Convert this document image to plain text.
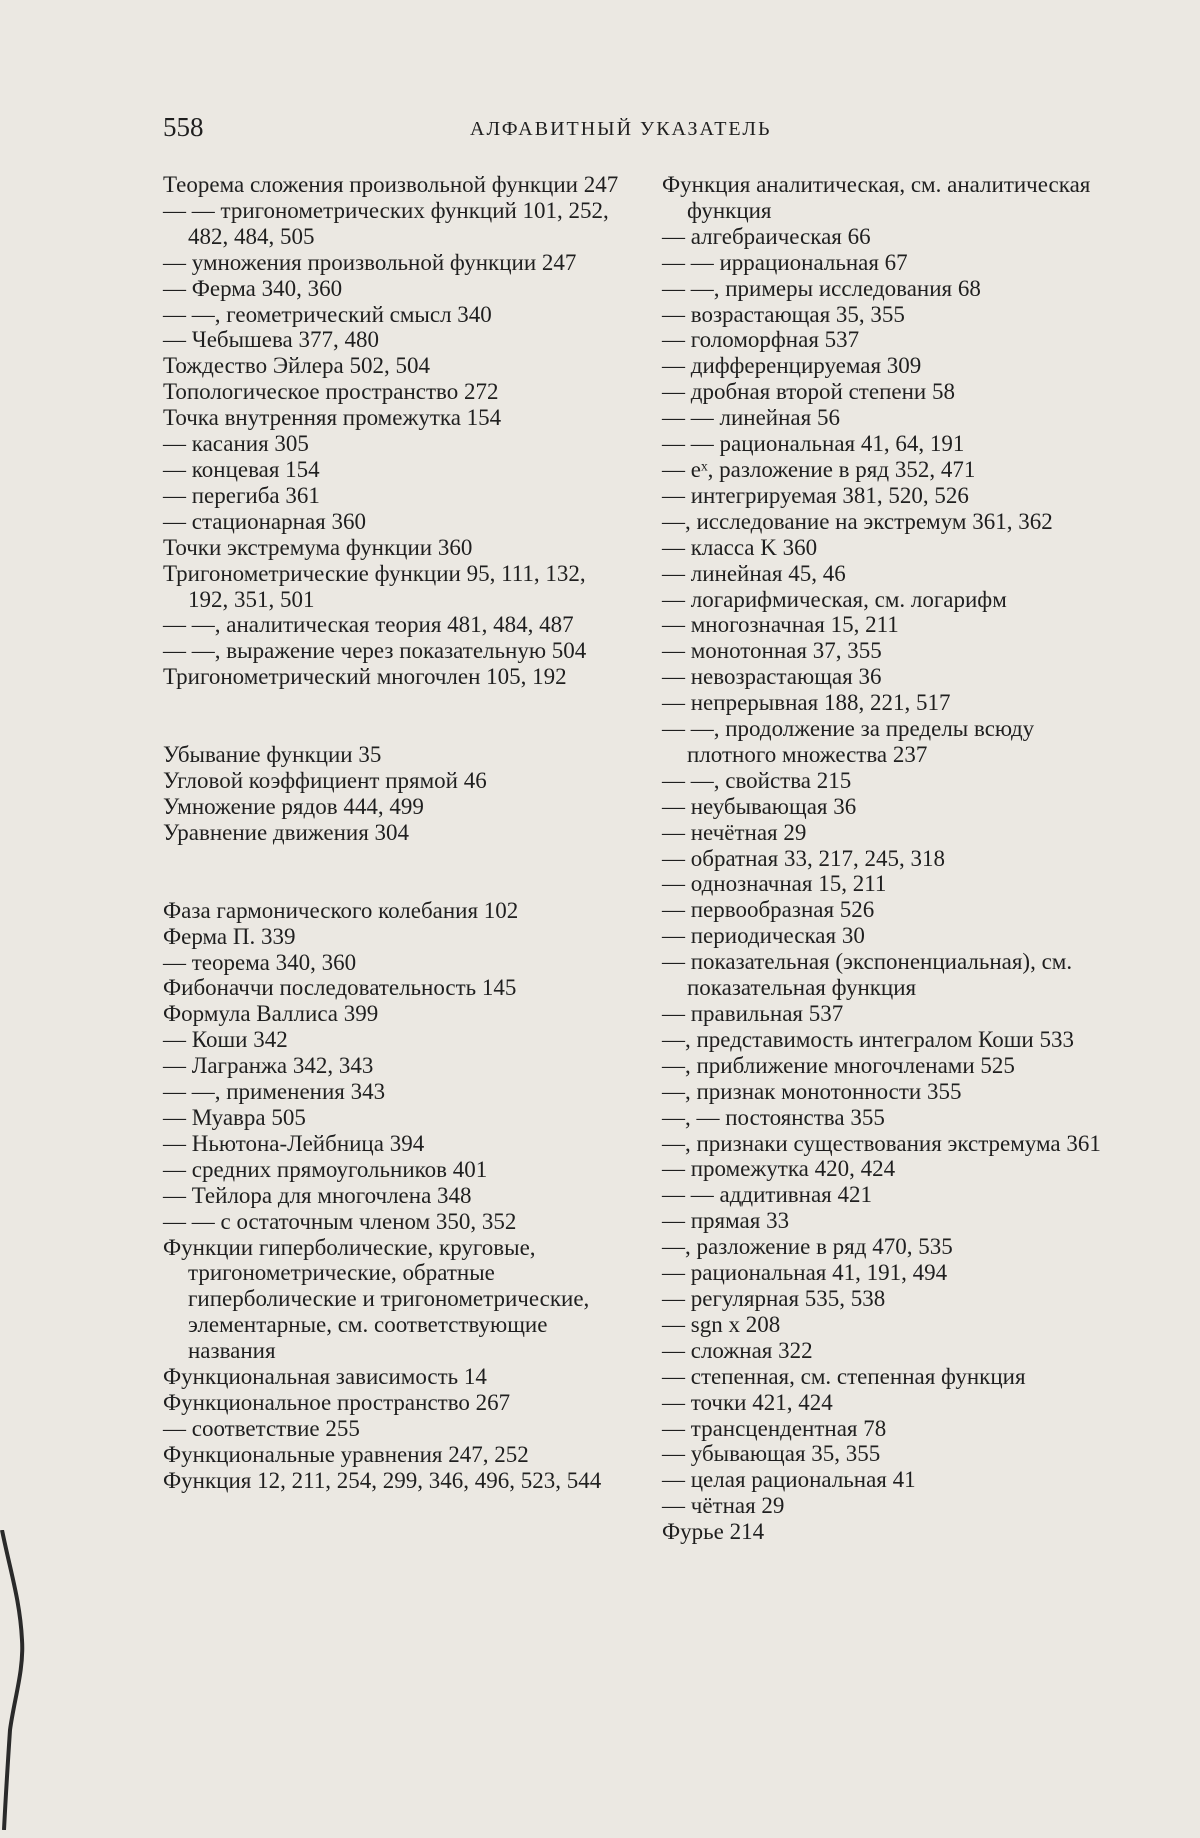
558	АЛФАВИТНЫЙ УКАЗАТЕЛЬ
Теорема сложения произвольной функции 247
— — тригонометрических функций 101, 252, 482, 484, 505
— умножения произвольной функции 247
— Ферма 340, 360
— —, геометрический смысл 340
— Чебышева 377, 480
Тождество Эйлера 502, 504
Топологическое пространство 272
Точка внутренняя промежутка 154
— касания 305
— концевая 154
— перегиба 361
— стационарная 360
Точки экстремума функции 360
Тригонометрические функции 95, 111, 132, 192, 351, 501
— —, аналитическая теория 481, 484, 487
— —, выражение через показательную 504
Тригонометрический многочлен 105, 192
Убывание функции 35
Угловой коэффициент прямой 46
Умножение рядов 444, 499
Уравнение движения 304
Фаза гармонического колебания 102
Ферма П. 339
— теорема 340, 360
Фибоначчи последовательность 145
Формула Валлиса 399
— Коши 342
— Лагранжа 342, 343
— —, применения 343
— Муавра 505
— Ньютона-Лейбница 394
— средних прямоугольников 401
— Тейлора для многочлена 348
— — с остаточным членом 350, 352
Функции гиперболические, круговые, тригонометрические, обратные гиперболические и тригонометрические, элементарные, см. соответствующие названия
Функциональная зависимость 14
Функциональное пространство 267
— соответствие 255
Функциональные уравнения 247, 252
Функция 12, 211, 254, 299, 346, 496, 523, 544
Функция аналитическая, см. аналитическая функция
— алгебраическая 66
— — иррациональная 67
— —, примеры исследования 68
— возрастающая 35, 355
— голоморфная 537
— дифференцируемая 309
— дробная второй степени 58
— — линейная 56
— — рациональная 41, 64, 191
— eˣ, разложение в ряд 352, 471
— интегрируемая 381, 520, 526
—, исследование на экстремум 361, 362
— класса K 360
— линейная 45, 46
— логарифмическая, см. логарифм
— многозначная 15, 211
— монотонная 37, 355
— невозрастающая 36
— непрерывная 188, 221, 517
— —, продолжение за пределы всюду плотного множества 237
— —, свойства 215
— неубывающая 36
— нечётная 29
— обратная 33, 217, 245, 318
— однозначная 15, 211
— первообразная 526
— периодическая 30
— показательная (экспоненциальная), см. показательная функция
— правильная 537
—, представимость интегралом Коши 533
—, приближение многочленами 525
—, признак монотонности 355
—, — постоянства 355
—, признаки существования экстремума 361
— промежутка 420, 424
— — аддитивная 421
— прямая 33
—, разложение в ряд 470, 535
— рациональная 41, 191, 494
— регулярная 535, 538
— sgn x 208
— сложная 322
— степенная, см. степенная функция
— точки 421, 424
— трансцендентная 78
— убывающая 35, 355
— целая рациональная 41
— чётная 29
Фурье 214
